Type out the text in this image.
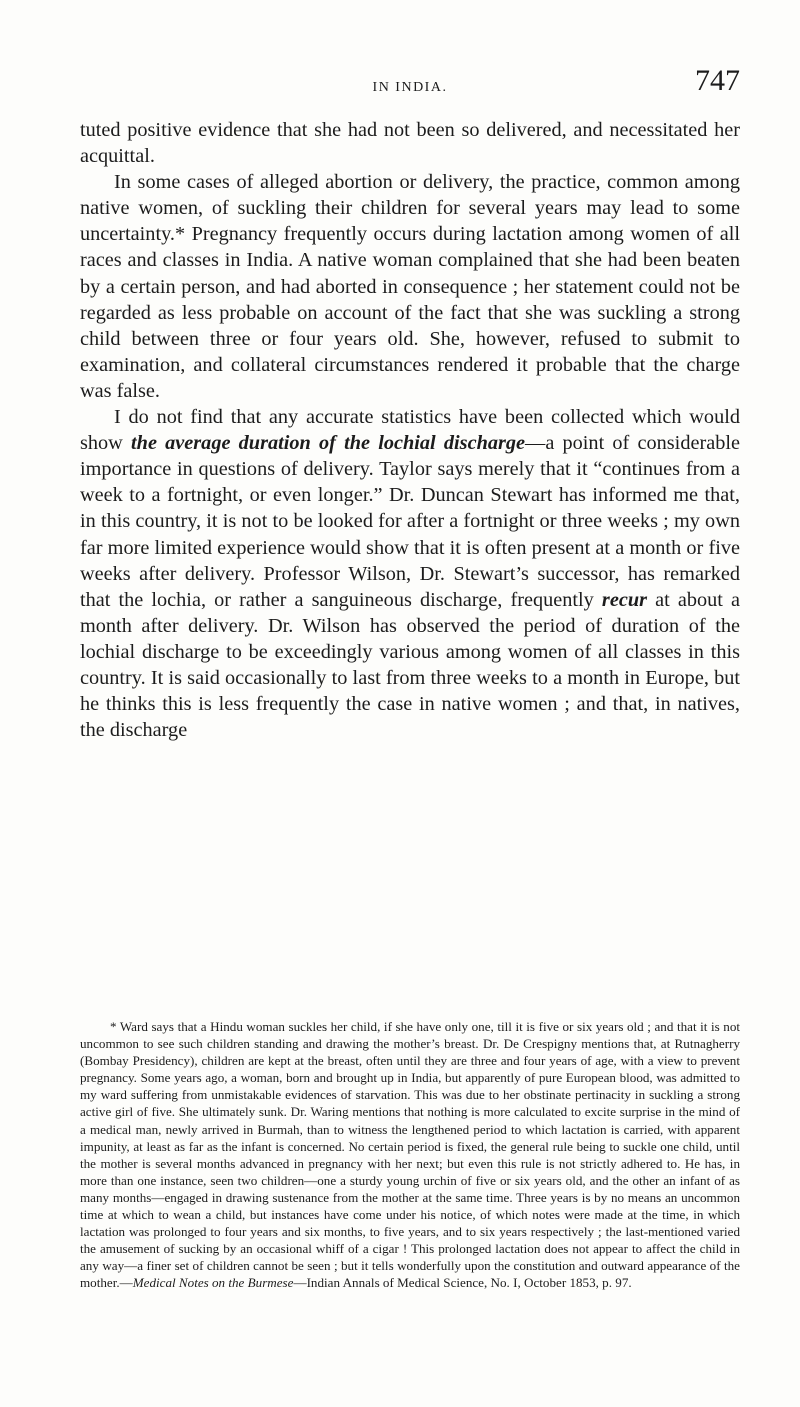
IN INDIA.	747

tuted positive evidence that she had not been so delivered, and necessitated her acquittal.

In some cases of alleged abortion or delivery, the practice, common among native women, of suckling their children for several years may lead to some uncertainty.* Pregnancy frequently occurs during lactation among women of all races and classes in India. A native woman complained that she had been beaten by a certain person, and had aborted in consequence ; her statement could not be regarded as less probable on account of the fact that she was suckling a strong child between three or four years old. She, however, refused to submit to examination, and collateral circumstances rendered it probable that the charge was false.

I do not find that any accurate statistics have been collected which would show the average duration of the lochial discharge—a point of considerable importance in questions of delivery. Taylor says merely that it “continues from a week to a fortnight, or even longer.” Dr. Duncan Stewart has informed me that, in this country, it is not to be looked for after a fortnight or three weeks ; my own far more limited experience would show that it is often present at a month or five weeks after delivery. Professor Wilson, Dr. Stewart’s successor, has remarked that the lochia, or rather a sanguineous discharge, frequently recur at about a month after delivery. Dr. Wilson has observed the period of duration of the lochial discharge to be exceedingly various among women of all classes in this country. It is said occasionally to last from three weeks to a month in Europe, but he thinks this is less frequently the case in native women ; and that, in natives, the discharge

* Ward says that a Hindu woman suckles her child, if she have only one, till it is five or six years old ; and that it is not uncommon to see such children standing and drawing the mother’s breast. Dr. De Crespigny mentions that, at Rutnagherry (Bombay Presidency), children are kept at the breast, often until they are three and four years of age, with a view to prevent pregnancy. Some years ago, a woman, born and brought up in India, but apparently of pure European blood, was admitted to my ward suffering from unmistakable evidences of starvation. This was due to her obstinate pertinacity in suckling a strong active girl of five. She ultimately sunk. Dr. Waring mentions that nothing is more calculated to excite surprise in the mind of a medical man, newly arrived in Burmah, than to witness the lengthened period to which lactation is carried, with apparent impunity, at least as far as the infant is concerned. No certain period is fixed, the general rule being to suckle one child, until the mother is several months advanced in pregnancy with her next; but even this rule is not strictly adhered to. He has, in more than one instance, seen two children—one a sturdy young urchin of five or six years old, and the other an infant of as many months—engaged in drawing sustenance from the mother at the same time. Three years is by no means an uncommon time at which to wean a child, but instances have come under his notice, of which notes were made at the time, in which lactation was prolonged to four years and six months, to five years, and to six years respectively ; the last-mentioned varied the amusement of sucking by an occasional whiff of a cigar ! This prolonged lactation does not appear to affect the child in any way—a finer set of children cannot be seen ; but it tells wonderfully upon the constitution and outward appearance of the mother.—Medical Notes on the Burmese—Indian Annals of Medical Science, No. I, October 1853, p. 97.
